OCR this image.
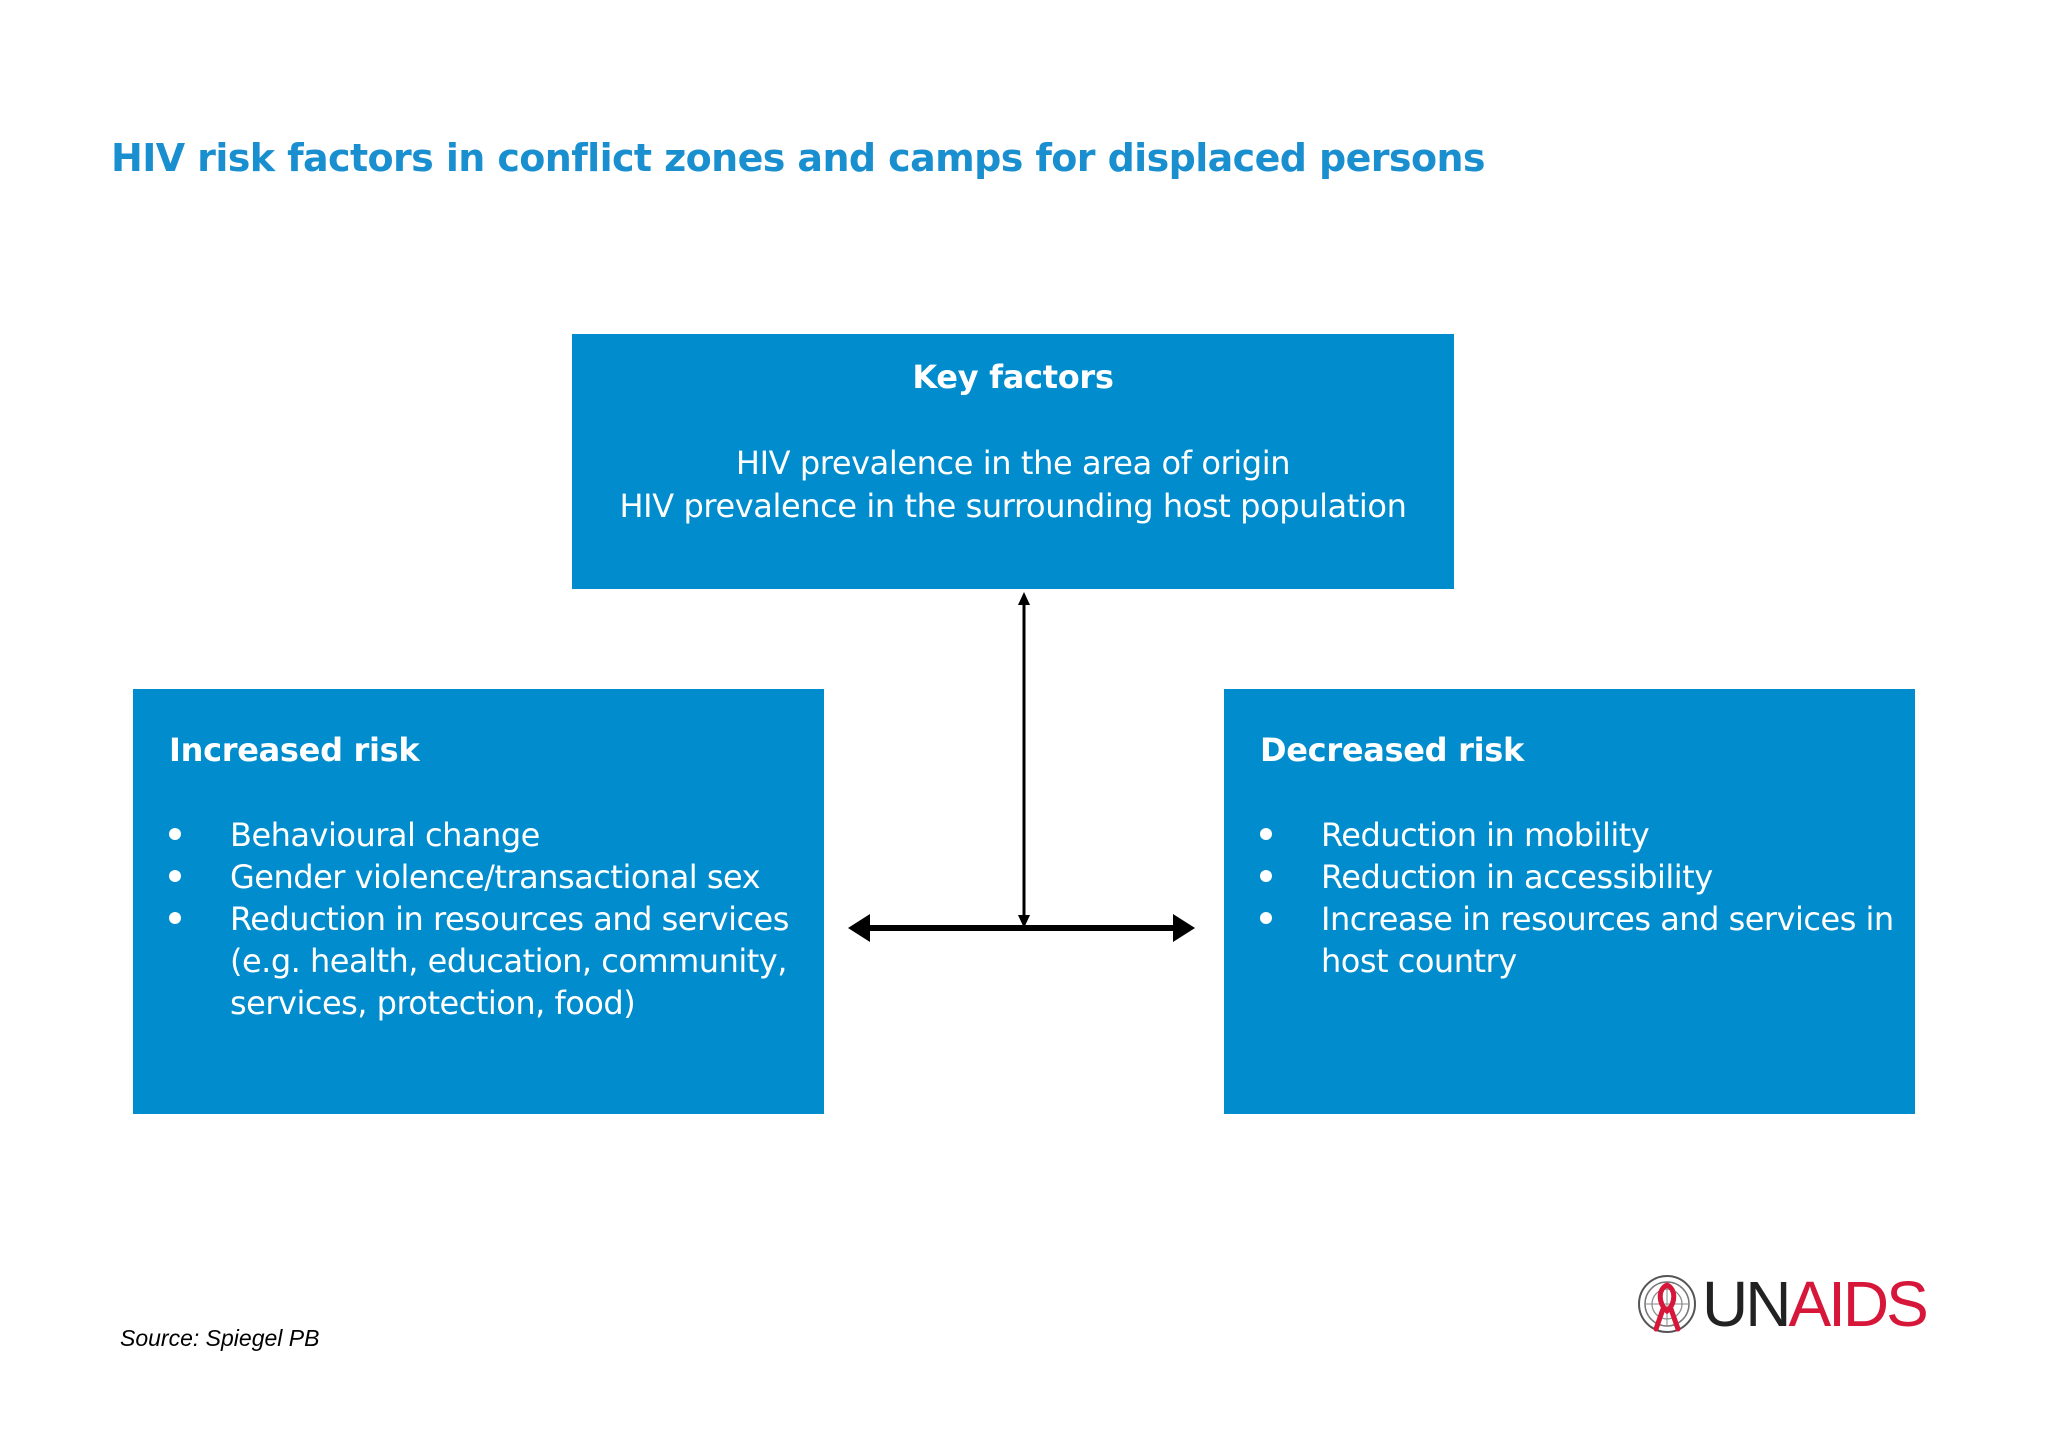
HIV risk factors in conflict zones and camps for displaced persons
Key factors
HIV prevalence in the area of origin
HIV prevalence in the surrounding host population
Increased risk
Behavioural change
Gender violence/transactional sex
Reduction in resources and services (e.g. health, education, community, services, protection, food)
Decreased risk
Reduction in mobility
Reduction in accessibility
Increase in resources and services in host country
Source: Spiegel PB	UNAIDS
